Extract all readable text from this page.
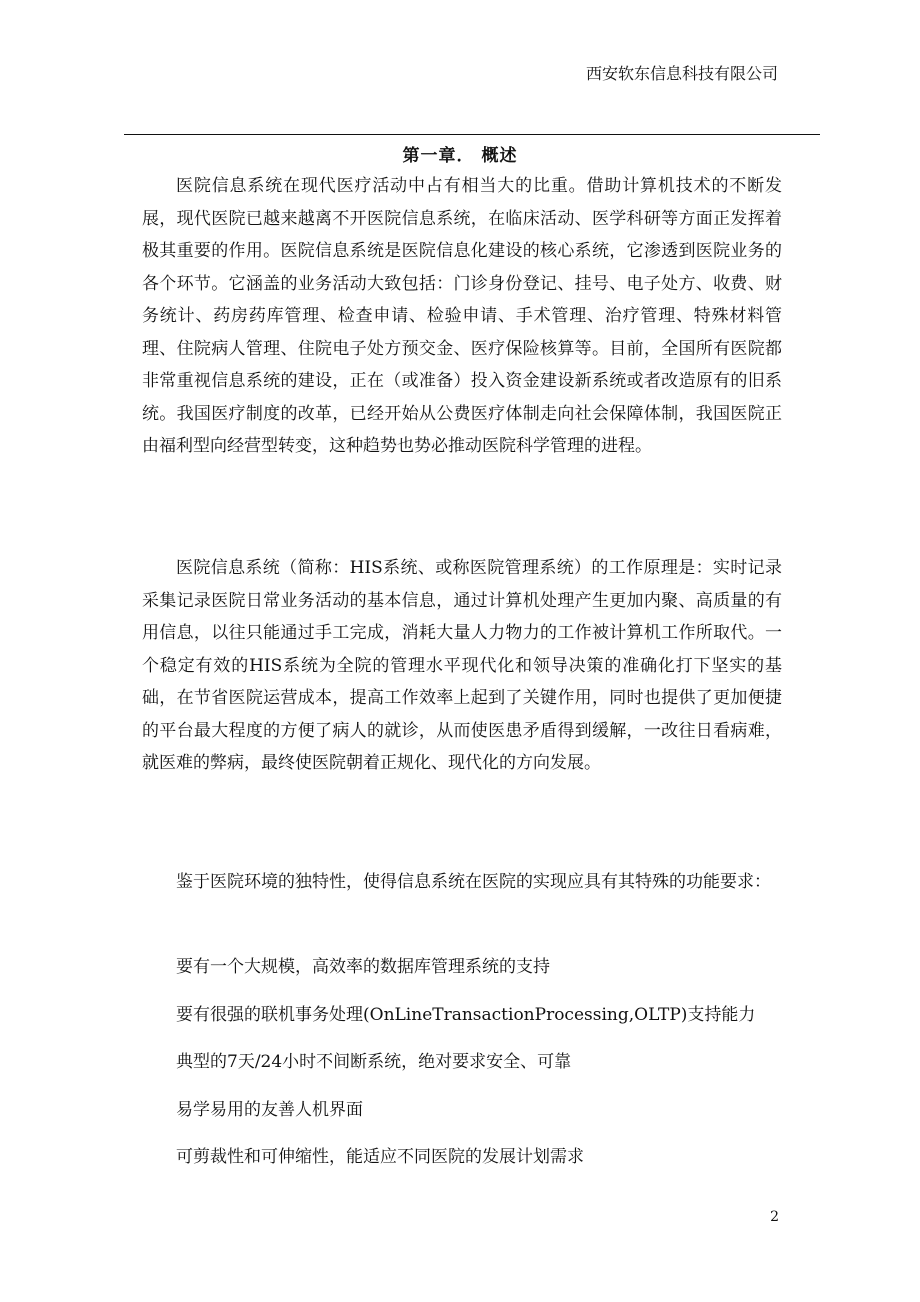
西安软东信息科技有限公司
第一章． 概述

医院信息系统在现代医疗活动中占有相当大的比重。借助计算机技术的不断发展，现代医院已越来越离不开医院信息系统，在临床活动、医学科研等方面正发挥着极其重要的作用。医院信息系统是医院信息化建设的核心系统，它渗透到医院业务的各个环节。它涵盖的业务活动大致包括：门诊身份登记、挂号、电子处方、收费、财务统计、药房药库管理、检查申请、检验申请、手术管理、治疗管理、特殊材料管理、住院病人管理、住院电子处方预交金、医疗保险核算等。目前，全国所有医院都非常重视信息系统的建设，正在（或准备）投入资金建设新系统或者改造原有的旧系统。我国医疗制度的改革，已经开始从公费医疗体制走向社会保障体制，我国医院正由福利型向经营型转变，这种趋势也势必推动医院科学管理的进程。

医院信息系统（简称：HIS系统、或称医院管理系统）的工作原理是：实时记录采集记录医院日常业务活动的基本信息，通过计算机处理产生更加内聚、高质量的有用信息，以往只能通过手工完成，消耗大量人力物力的工作被计算机工作所取代。一个稳定有效的HIS系统为全院的管理水平现代化和领导决策的准确化打下坚实的基础，在节省医院运营成本，提高工作效率上起到了关键作用，同时也提供了更加便捷的平台最大程度的方便了病人的就诊，从而使医患矛盾得到缓解，一改往日看病难，就医难的弊病，最终使医院朝着正规化、现代化的方向发展。

鉴于医院环境的独特性，使得信息系统在医院的实现应具有其特殊的功能要求：

要有一个大规模，高效率的数据库管理系统的支持
要有很强的联机事务处理(OnLineTransactionProcessing,OLTP)支持能力
典型的7天/24小时不间断系统，绝对要求安全、可靠
易学易用的友善人机界面
可剪裁性和可伸缩性，能适应不同医院的发展计划需求
2
